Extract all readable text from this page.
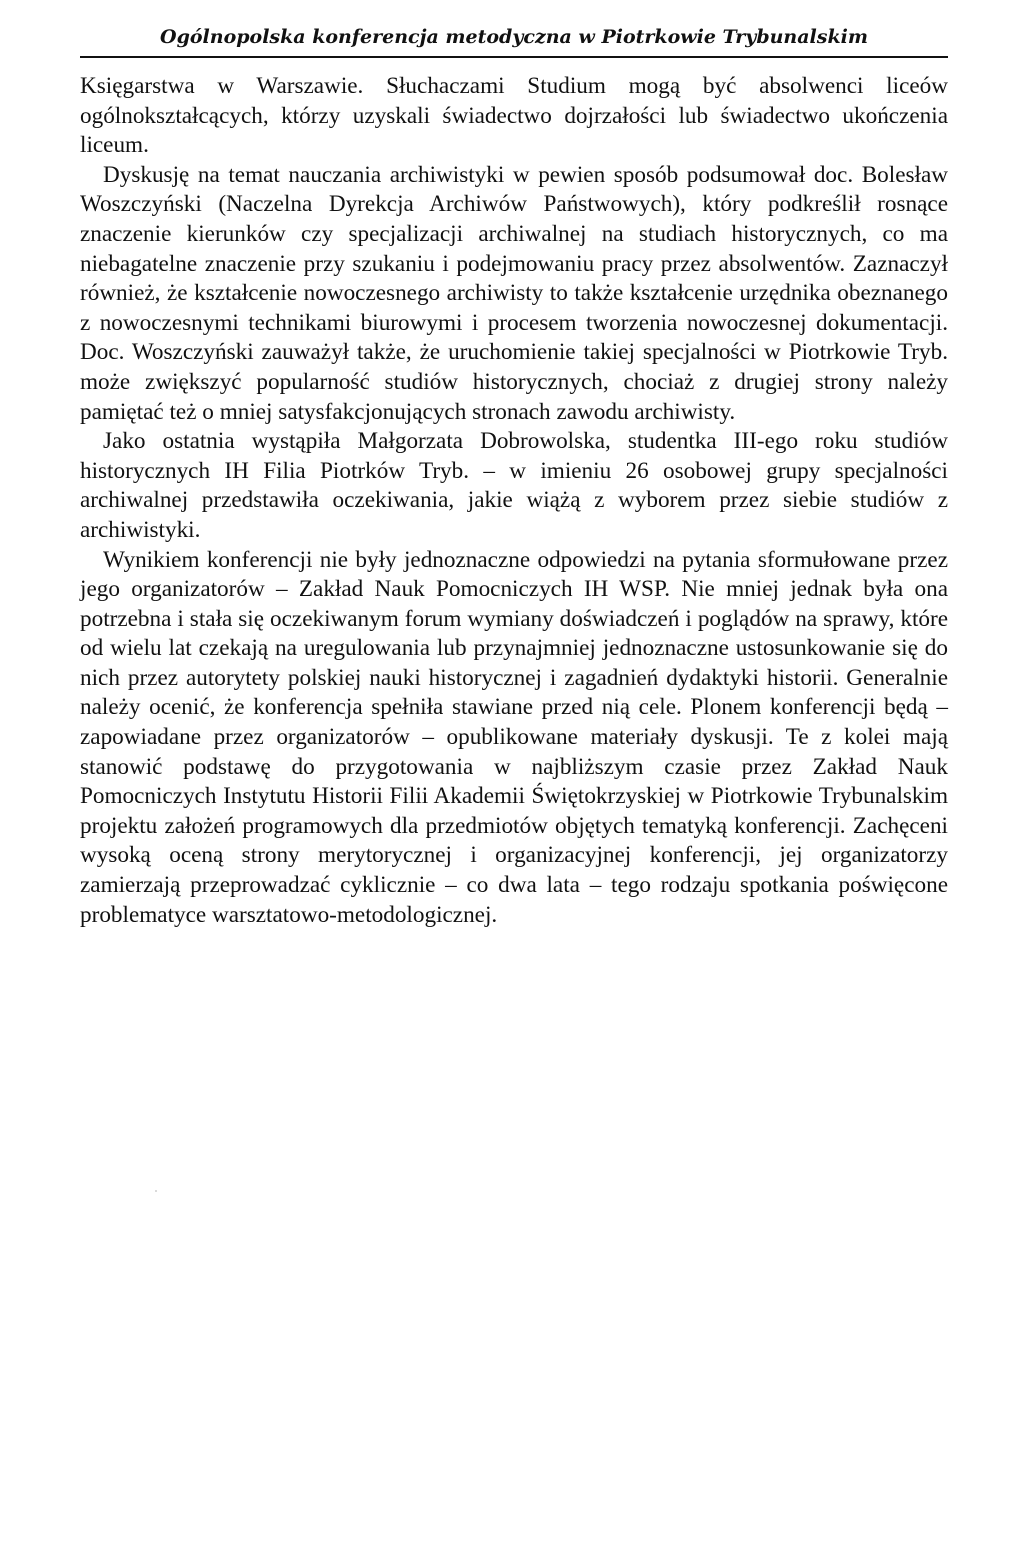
Ogólnopolska konferencja metodyczna w Piotrkowie Trybunalskim

Księgarstwa w Warszawie. Słuchaczami Studium mogą być absolwenci liceów ogólnokształcących, którzy uzyskali świadectwo dojrzałości lub świadectwo ukończenia liceum.

Dyskusję na temat nauczania archiwistyki w pewien sposób podsumował doc. Bolesław Woszczyński (Naczelna Dyrekcja Archiwów Państwowych), który podkreślił rosnące znaczenie kierunków czy specjalizacji archiwalnej na studiach historycznych, co ma niebagatelne znaczenie przy szukaniu i podejmowaniu pracy przez absolwentów. Zaznaczył również, że kształcenie nowoczesnego archiwisty to także kształcenie urzędnika obeznanego z nowoczesnymi technikami biurowymi i procesem tworzenia nowoczesnej dokumentacji. Doc. Woszczyński zauważył także, że uruchomienie takiej specjalności w Piotrkowie Tryb. może zwiększyć popularność studiów historycznych, chociaż z drugiej strony należy pamiętać też o mniej satysfakcjonujących stronach zawodu archiwisty.

Jako ostatnia wystąpiła Małgorzata Dobrowolska, studentka III-ego roku studiów historycznych IH Filia Piotrków Tryb. – w imieniu 26 osobowej grupy specjalności archiwalnej przedstawiła oczekiwania, jakie wiążą z wyborem przez siebie studiów z archiwistyki.

Wynikiem konferencji nie były jednoznaczne odpowiedzi na pytania sformułowane przez jego organizatorów – Zakład Nauk Pomocniczych IH WSP. Nie mniej jednak była ona potrzebna i stała się oczekiwanym forum wymiany doświadczeń i poglądów na sprawy, które od wielu lat czekają na uregulowania lub przynajmniej jednoznaczne ustosunkowanie się do nich przez autorytety polskiej nauki historycznej i zagadnień dydaktyki historii. Generalnie należy ocenić, że konferencja spełniła stawiane przed nią cele. Plonem konferencji będą – zapowiadane przez organizatorów – opublikowane materiały dyskusji. Te z kolei mają stanowić podstawę do przygotowania w najbliższym czasie przez Zakład Nauk Pomocniczych Instytutu Historii Filii Akademii Świętokrzyskiej w Piotrkowie Trybunalskim projektu założeń programowych dla przedmiotów objętych tematyką konferencji. Zachęceni wysoką oceną strony merytorycznej i organizacyjnej konferencji, jej organizatorzy zamierzają przeprowadzać cyklicznie – co dwa lata – tego rodzaju spotkania poświęcone problematyce warsztatowo-metodologicznej.
